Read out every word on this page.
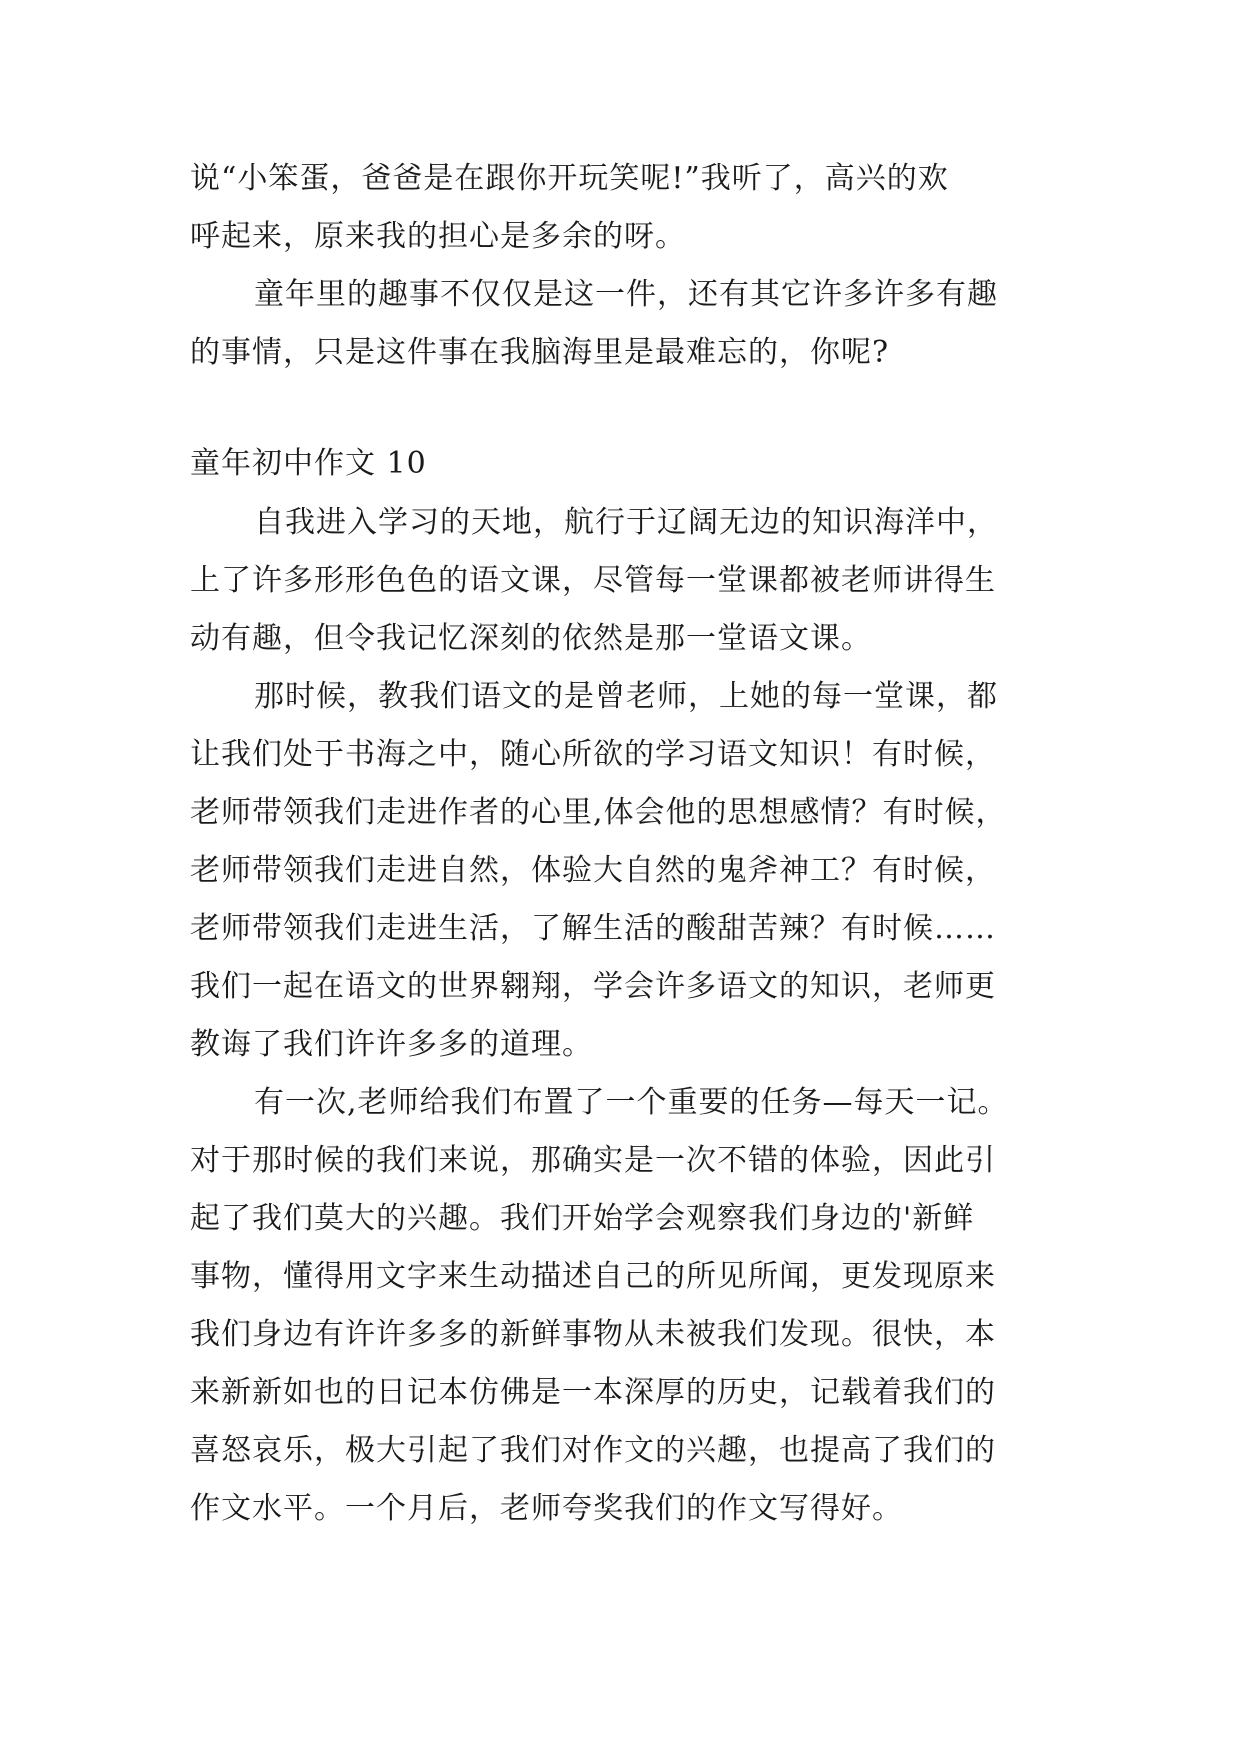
说“小笨蛋，爸爸是在跟你开玩笑呢!”我听了，高兴的欢
呼起来，原来我的担心是多余的呀。
童年里的趣事不仅仅是这一件，还有其它许多许多有趣
的事情，只是这件事在我脑海里是最难忘的，你呢?
童年初中作文 10
自我进入学习的天地，航行于辽阔无边的知识海洋中，
上了许多形形色色的语文课，尽管每一堂课都被老师讲得生
动有趣，但令我记忆深刻的依然是那一堂语文课。
那时候，教我们语文的是曾老师，上她的每一堂课，都
让我们处于书海之中，随心所欲的学习语文知识！有时候，
老师带领我们走进作者的心里,体会他的思想感情？有时候，
老师带领我们走进自然，体验大自然的鬼斧神工？有时候，
老师带领我们走进生活，了解生活的酸甜苦辣？有时候……
我们一起在语文的世界翱翔，学会许多语文的知识，老师更
教诲了我们许许多多的道理。
有一次,老师给我们布置了一个重要的任务—每天一记。
对于那时候的我们来说，那确实是一次不错的体验，因此引
起了我们莫大的兴趣。我们开始学会观察我们身边的'新鲜
事物，懂得用文字来生动描述自己的所见所闻，更发现原来
我们身边有许许多多的新鲜事物从未被我们发现。很快，本
来新新如也的日记本仿佛是一本深厚的历史，记载着我们的
喜怒哀乐，极大引起了我们对作文的兴趣，也提高了我们的
作文水平。一个月后，老师夸奖我们的作文写得好。
